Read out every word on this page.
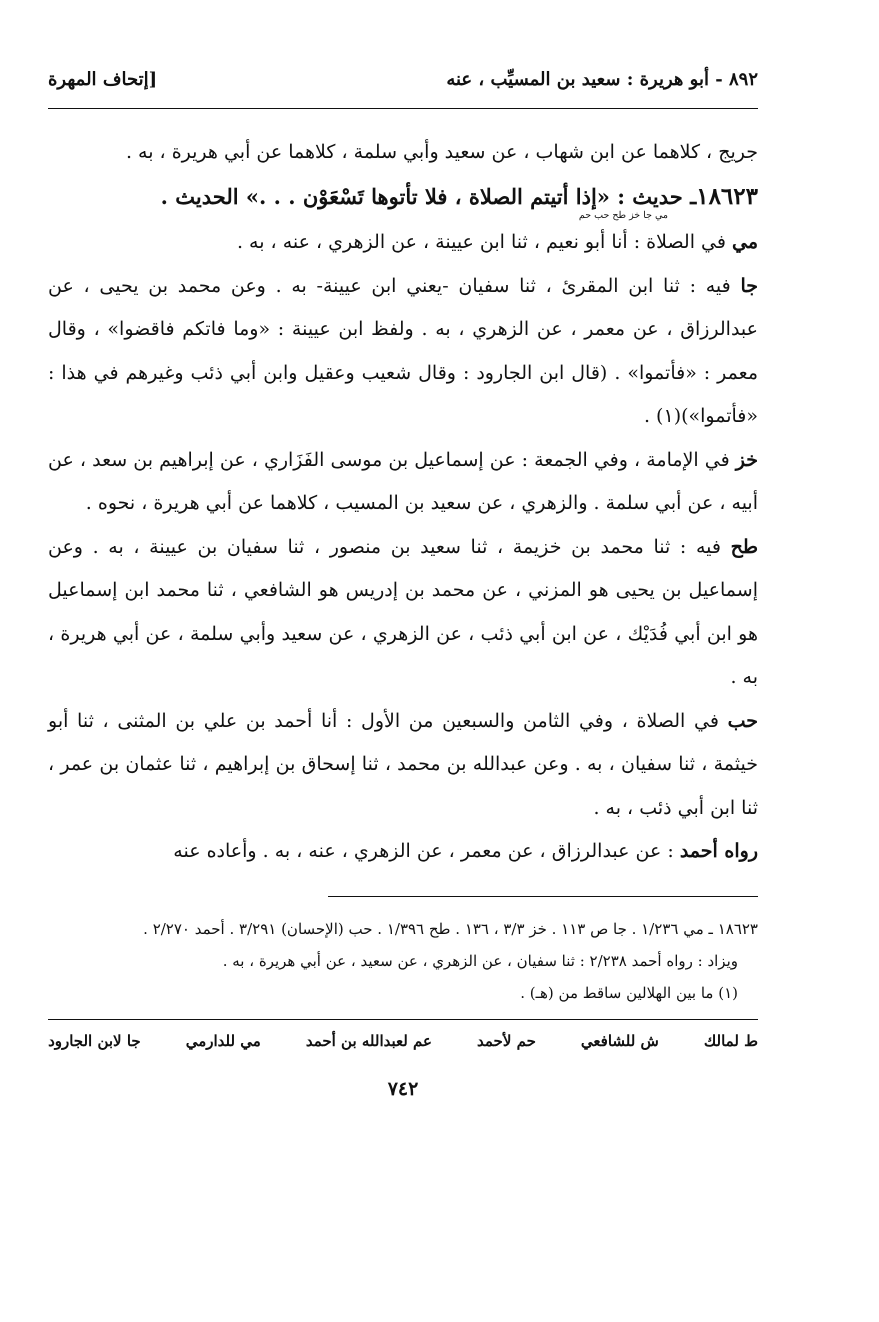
٨٩٢ - أبو هريرة : سعيد بن المسيِّب ، عنه
[إتحاف المهرة

جريج ، كلاهما عن ابن شهاب ، عن سعيد وأبي سلمة ، كلاهما عن أبي هريرة ، به .

١٨٦٢٣ـ حديث : «إذا أتيتم الصلاة ، فلا تأتوها تَسْعَوْن . . .» الحديث .

مي جا خز طح حب حم

مي في الصلاة : أنا أبو نعيم ، ثنا ابن عيينة ، عن الزهري ، عنه ، به .

جا فيه : ثنا ابن المقرئ ، ثنا سفيان -يعني ابن عيينة- به . وعن محمد بن يحيى ، عن عبدالرزاق ، عن معمر ، عن الزهري ، به . ولفظ ابن عيينة : «وما فاتكم فاقضوا» ، وقال معمر : «فأتموا» . (قال ابن الجارود : وقال شعيب وعقيل وابن أبي ذئب وغيرهم في هذا : «فأتموا»)(١) .

خز في الإمامة ، وفي الجمعة : عن إسماعيل بن موسى الفَزَاري ، عن إبراهيم بن سعد ، عن أبيه ، عن أبي سلمة . والزهري ، عن سعيد بن المسيب ، كلاهما عن أبي هريرة ، نحوه .

طح فيه : ثنا محمد بن خزيمة ، ثنا سعيد بن منصور ، ثنا سفيان بن عيينة ، به . وعن إسماعيل بن يحيى هو المزني ، عن محمد بن إدريس هو الشافعي ، ثنا محمد ابن إسماعيل هو ابن أبي فُدَيْك ، عن ابن أبي ذئب ، عن الزهري ، عن سعيد وأبي سلمة ، عن أبي هريرة ، به .

حب في الصلاة ، وفي الثامن والسبعين من الأول : أنا أحمد بن علي بن المثنى ، ثنا أبو خيثمة ، ثنا سفيان ، به . وعن عبدالله بن محمد ، ثنا إسحاق بن إبراهيم ، ثنا عثمان بن عمر ، ثنا ابن أبي ذئب ، به .

رواه أحمد : عن عبدالرزاق ، عن معمر ، عن الزهري ، عنه ، به . وأعاده عنه

١٨٦٢٣ ـ مي ١/٢٣٦ . جا ص ١١٣ . خز ٣/٣ ، ١٣٦ . طح ١/٣٩٦ . حب (الإحسان) ٣/٢٩١ . أحمد ٢/٢٧٠ .

ويزاد : رواه أحمد ٢/٢٣٨ : ثنا سفيان ، عن الزهري ، عن سعيد ، عن أبي هريرة ، به .

(١) ما بين الهلالين ساقط من (هـ) .

ط لمالك
ش للشافعي
حم لأحمد
عم لعبدالله بن أحمد
مي للدارمي
جا لابن الجارود
٧٤٢
